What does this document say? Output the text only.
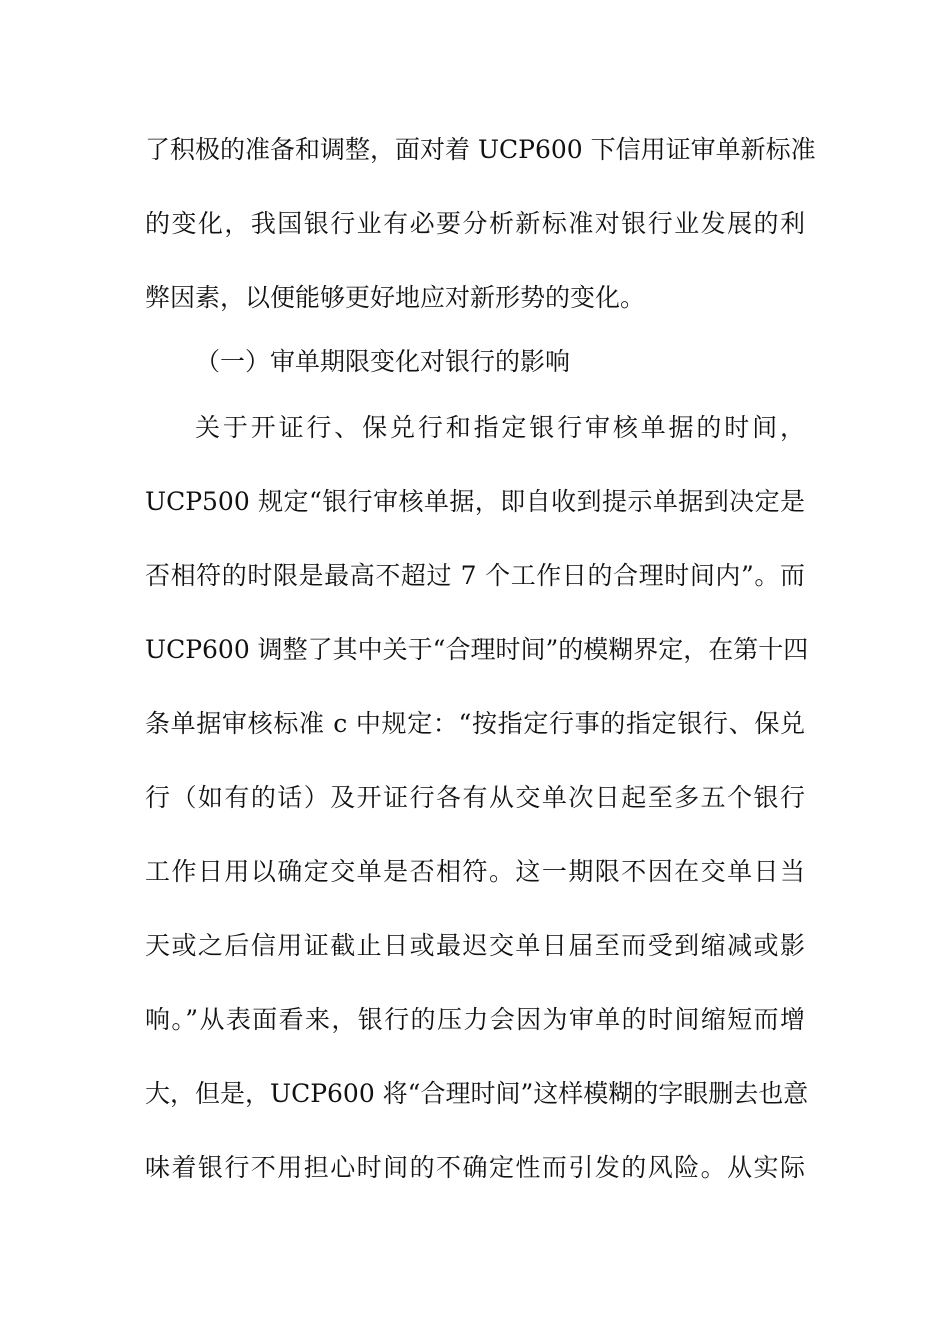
了积极的准备和调整，面对着 UCP600 下信用证审单新标准
的变化，我国银行业有必要分析新标准对银行业发展的利
弊因素，以便能够更好地应对新形势的变化。
（一）审单期限变化对银行的影响
关于开证行、保兑行和指定银行审核单据的时间，
UCP500 规定“银行审核单据，即自收到提示单据到决定是
否相符的时限是最高不超过 7 个工作日的合理时间内”。而
UCP600 调整了其中关于“合理时间”的模糊界定，在第十四
条单据审核标准 c 中规定：“按指定行事的指定银行、保兑
行（如有的话）及开证行各有从交单次日起至多五个银行
工作日用以确定交单是否相符。这一期限不因在交单日当
天或之后信用证截止日或最迟交单日届至而受到缩减或影
响。”从表面看来，银行的压力会因为审单的时间缩短而增
大，但是，UCP600 将“合理时间”这样模糊的字眼删去也意
味着银行不用担心时间的不确定性而引发的风险。从实际
